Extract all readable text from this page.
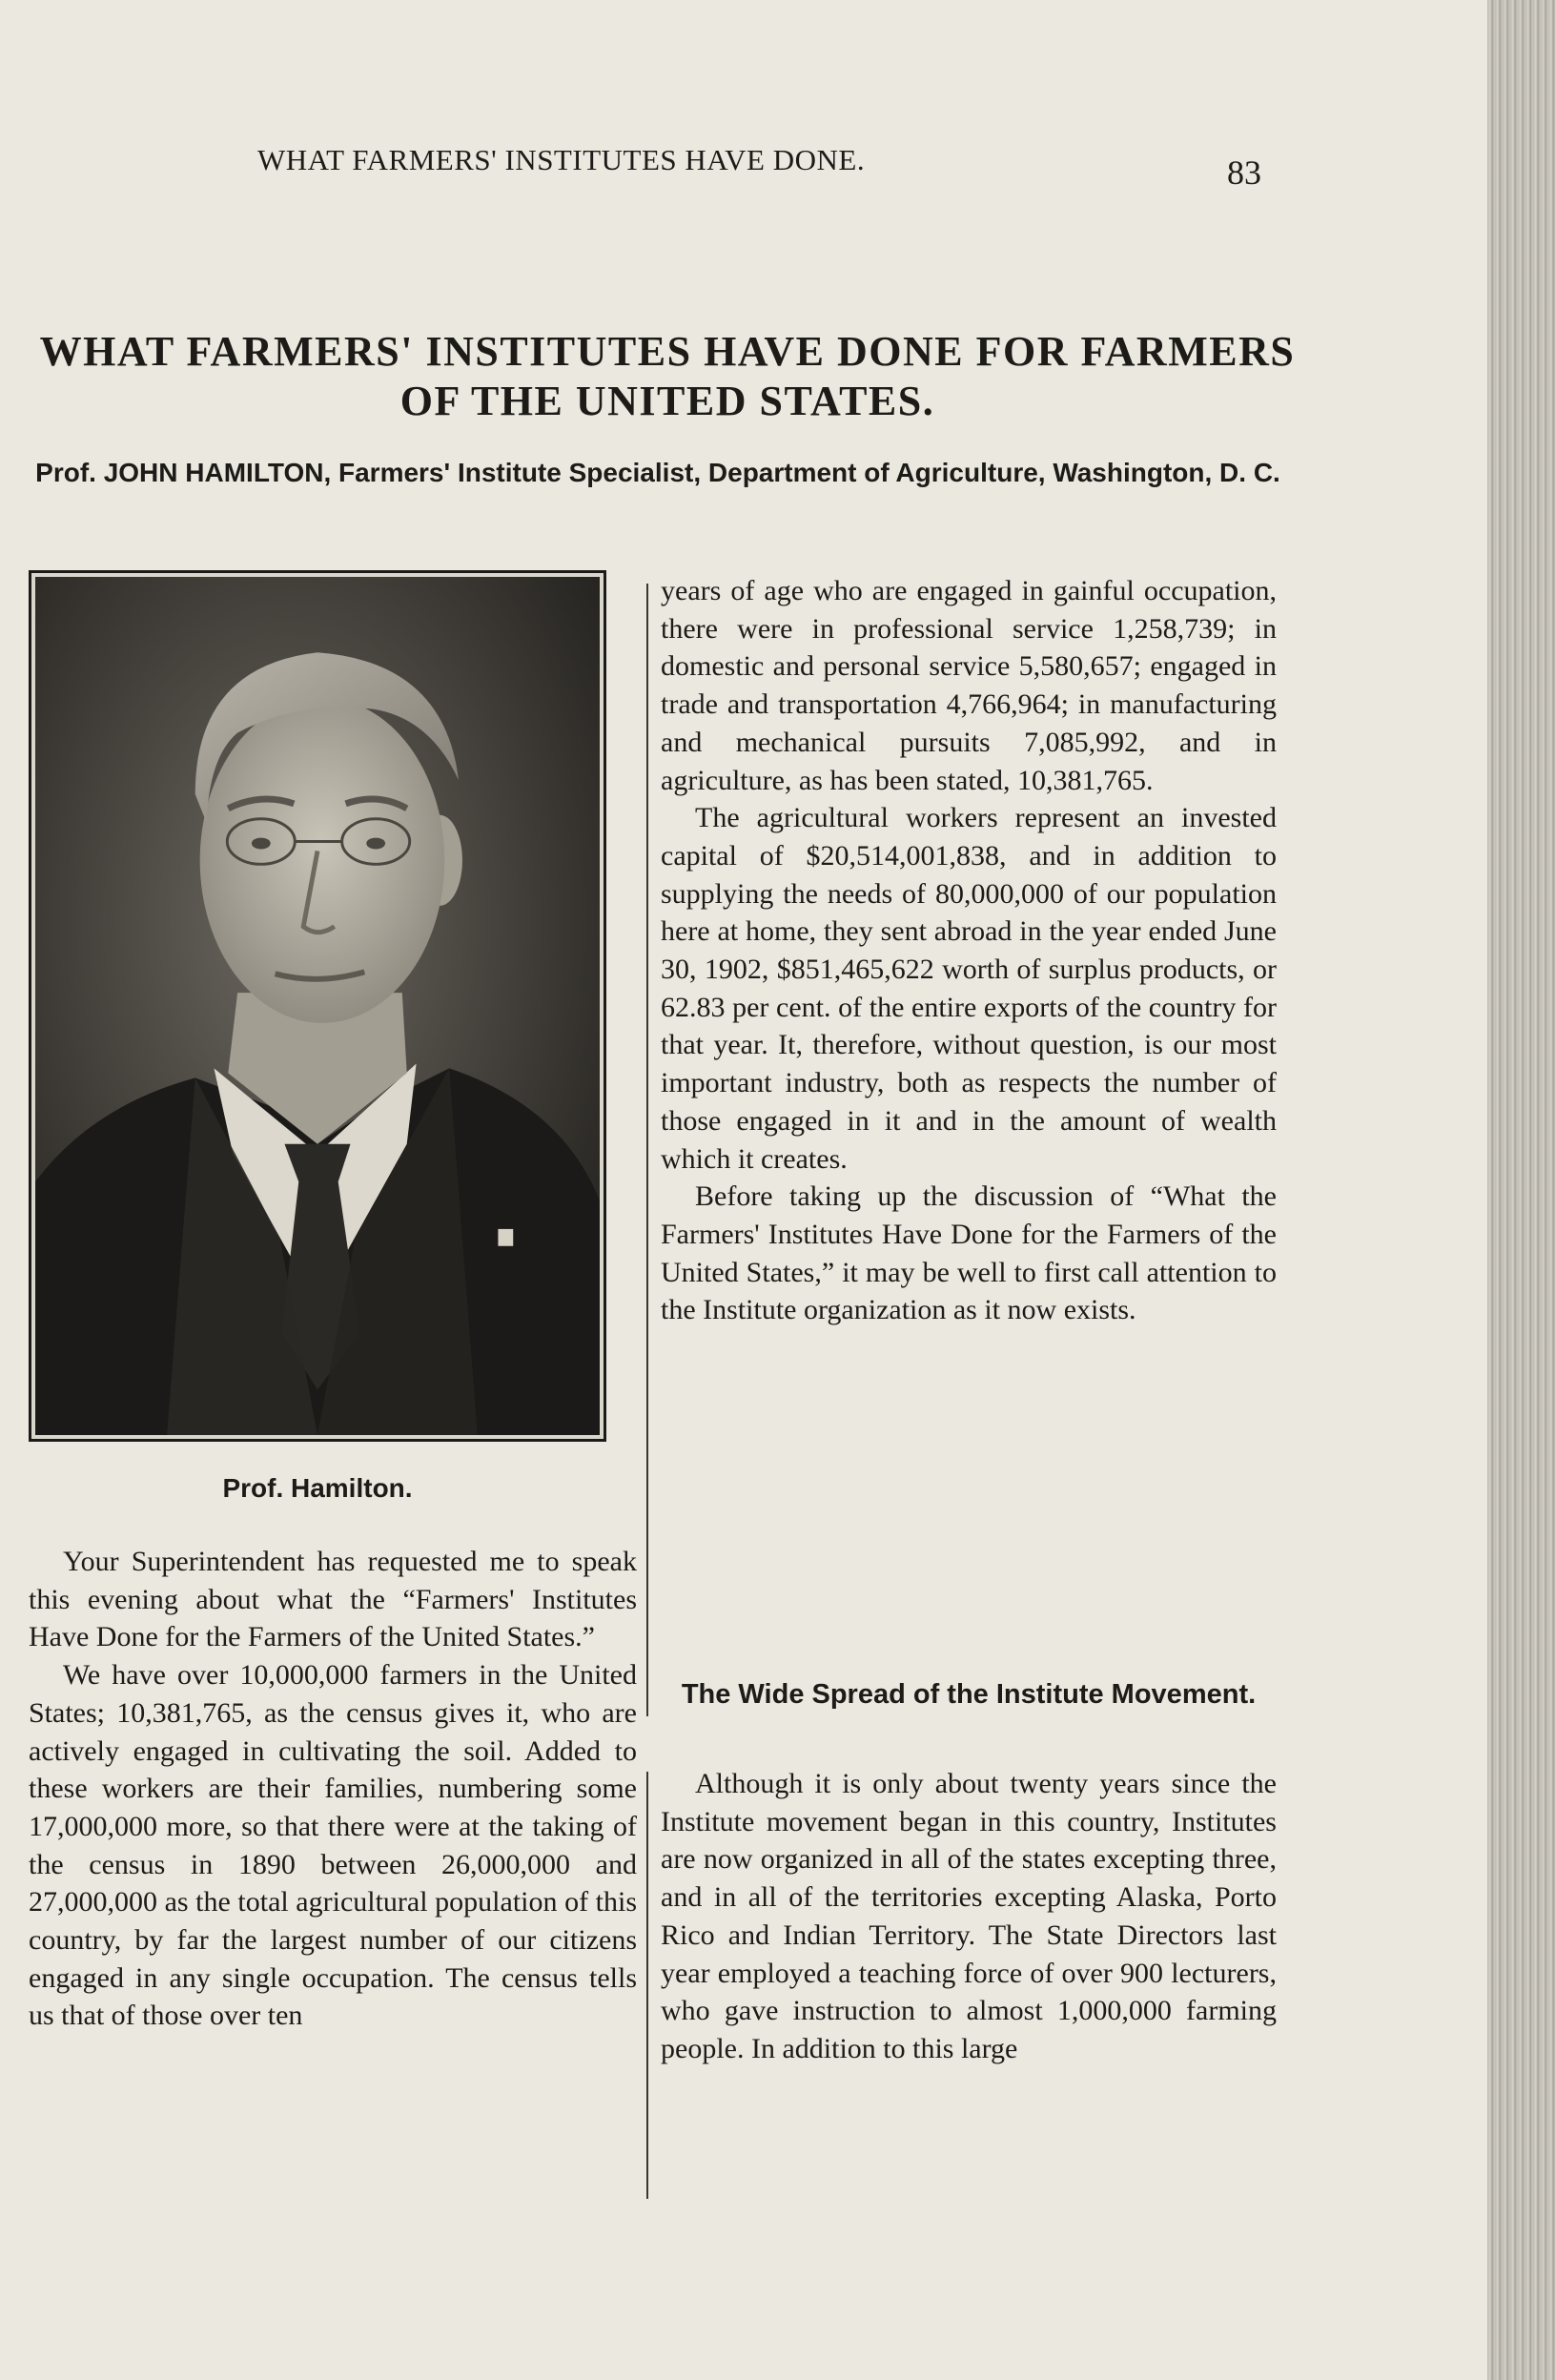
WHAT FARMERS' INSTITUTES HAVE DONE.	83
WHAT FARMERS' INSTITUTES HAVE DONE FOR FARMERS OF THE UNITED STATES.
Prof. JOHN HAMILTON, Farmers' Institute Specialist, Department of Agriculture, Washington, D. C.
Prof. Hamilton.

Your Superintendent has requested me to speak this evening about what the “Farmers' Institutes Have Done for the Farmers of the United States.”

We have over 10,000,000 farmers in the United States; 10,381,765, as the census gives it, who are actively engaged in cultivating the soil. Added to these workers are their families, numbering some 17,000,000 more, so that there were at the taking of the census in 1890 between 26,000,000 and 27,000,000 as the total agricultural population of this country, by far the largest number of our citizens engaged in any single occupation. The census tells us that of those over ten

years of age who are engaged in gainful occupation, there were in professional service 1,258,739; in domestic and personal service 5,580,657; engaged in trade and transportation 4,766,964; in manufacturing and mechanical pursuits 7,085,992, and in agriculture, as has been stated, 10,381,765.

The agricultural workers represent an invested capital of $20,514,001,838, and in addition to supplying the needs of 80,000,000 of our population here at home, they sent abroad in the year ended June 30, 1902, $851,465,622 worth of surplus products, or 62.83 per cent. of the entire exports of the country for that year. It, therefore, without question, is our most important industry, both as respects the number of those engaged in it and in the amount of wealth which it creates.

Before taking up the discussion of “What the Farmers' Institutes Have Done for the Farmers of the United States,” it may be well to first call attention to the Institute organization as it now exists.

The Wide Spread of the Institute Movement.

Although it is only about twenty years since the Institute movement began in this country, Institutes are now organized in all of the states excepting three, and in all of the territories excepting Alaska, Porto Rico and Indian Territory. The State Directors last year employed a teaching force of over 900 lecturers, who gave instruction to almost 1,000,000 farming people. In addition to this large
